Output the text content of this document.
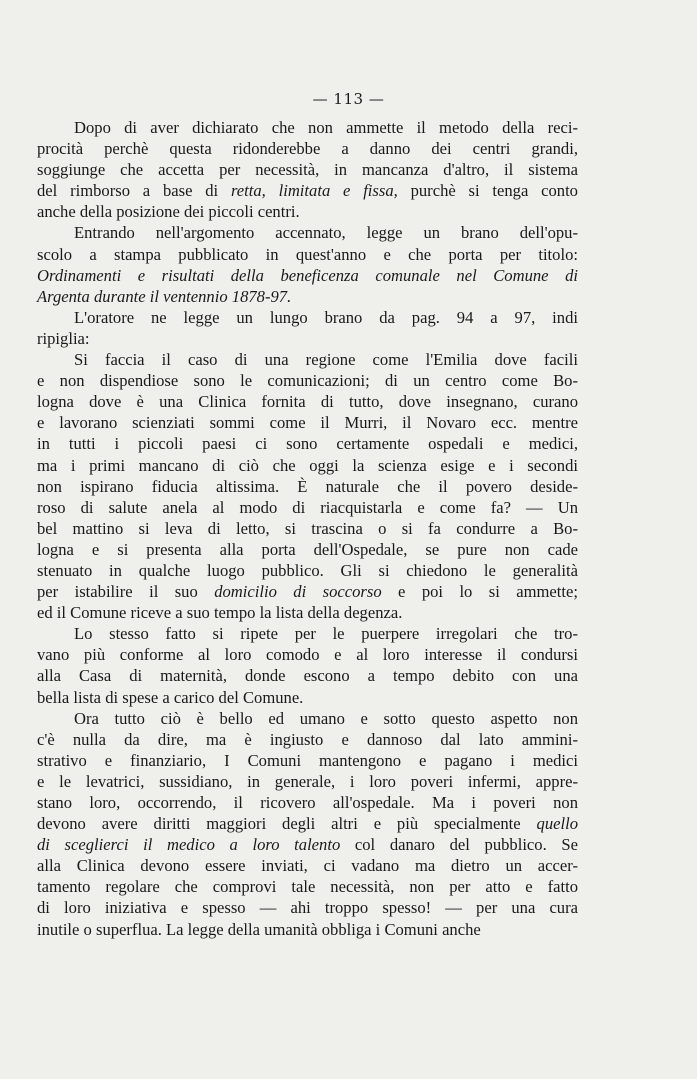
— 113 —
Dopo di aver dichiarato che non ammette il metodo della reci-
procità perchè questa ridonderebbe a danno dei centri grandi,
soggiunge che accetta per necessità, in mancanza d'altro, il sistema
del rimborso a base di retta, limitata e fissa, purchè si tenga conto
anche della posizione dei piccoli centri.
Entrando nell'argomento accennato, legge un brano dell'opu-
scolo a stampa pubblicato in quest'anno e che porta per titolo:
Ordinamenti e risultati della beneficenza comunale nel Comune di
Argenta durante il ventennio 1878-97.
L'oratore ne legge un lungo brano da pag. 94 a 97, indi
ripiglia:
Si faccia il caso di una regione come l'Emilia dove facili
e non dispendiose sono le comunicazioni; di un centro come Bo-
logna dove è una Clinica fornita di tutto, dove insegnano, curano
e lavorano scienziati sommi come il Murri, il Novaro ecc. mentre
in tutti i piccoli paesi ci sono certamente ospedali e medici,
ma i primi mancano di ciò che oggi la scienza esige e i secondi
non ispirano fiducia altissima. È naturale che il povero deside-
roso di salute anela al modo di riacquistarla e come fa? — Un
bel mattino si leva di letto, si trascina o si fa condurre a Bo-
logna e si presenta alla porta dell'Ospedale, se pure non cade
stenuato in qualche luogo pubblico. Gli si chiedono le generalità
per istabilire il suo domicilio di soccorso e poi lo si ammette;
ed il Comune riceve a suo tempo la lista della degenza.
Lo stesso fatto si ripete per le puerpere irregolari che tro-
vano più conforme al loro comodo e al loro interesse il condursi
alla Casa di maternità, donde escono a tempo debito con una
bella lista di spese a carico del Comune.
Ora tutto ciò è bello ed umano e sotto questo aspetto non
c'è nulla da dire, ma è ingiusto e dannoso dal lato ammini-
strativo e finanziario, I Comuni mantengono e pagano i medici
e le levatrici, sussidiano, in generale, i loro poveri infermi, appre-
stano loro, occorrendo, il ricovero all'ospedale. Ma i poveri non
devono avere diritti maggiori degli altri e più specialmente quello
di sceglierci il medico a loro talento col danaro del pubblico. Se
alla Clinica devono essere inviati, ci vadano ma dietro un accer-
tamento regolare che comprovi tale necessità, non per atto e fatto
di loro iniziativa e spesso — ahi troppo spesso! — per una cura
inutile o superflua. La legge della umanità obbliga i Comuni anche
